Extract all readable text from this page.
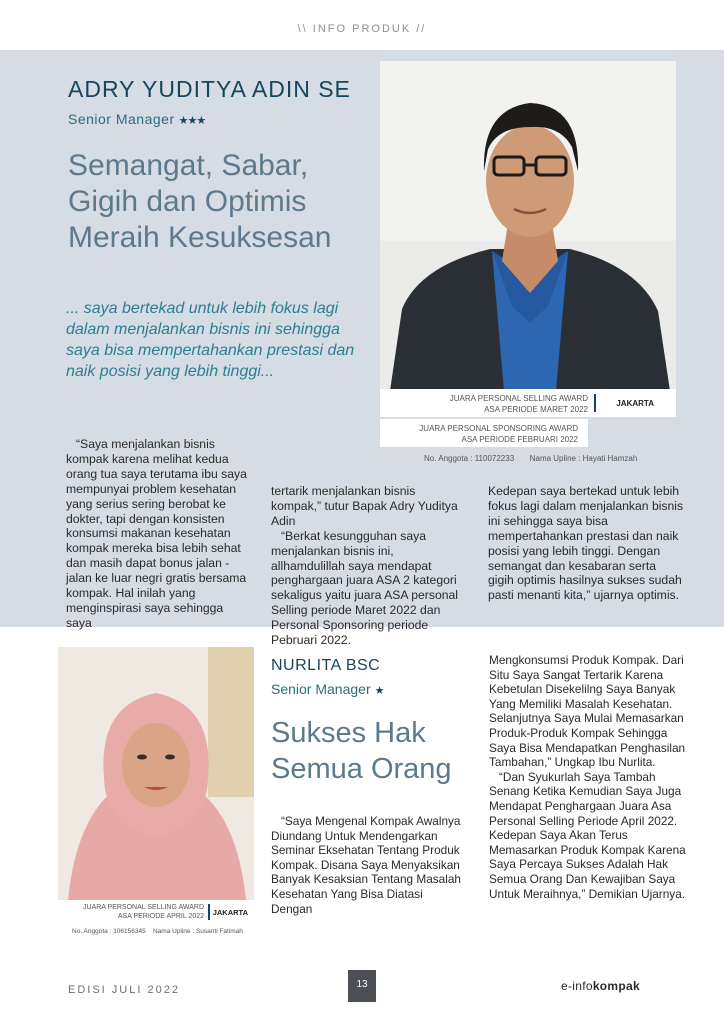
\\ INFO PRODUK //
ADRY YUDITYA ADIN SE
Senior Manager ★★★
Semangat, Sabar, Gigih dan Optimis Meraih Kesuksesan
... saya bertekad untuk lebih fokus lagi dalam menjalankan bisnis ini sehingga saya bisa mempertahankan prestasi dan naik posisi yang lebih tinggi...
JUARA PERSONAL SELLING AWARD
ASA PERIODE MARET 2022
JAKARTA
JUARA PERSONAL SPONSORING AWARD
ASA PERIODE FEBRUARI 2022
No. Anggota : 110072233 Nama Upline : Hayati Hamzah

“Saya menjalankan bisnis kompak karena melihat kedua orang tua saya terutama ibu saya mempunyai problem kesehatan yang serius sering berobat ke dokter, tapi dengan konsisten konsumsi makanan kesehatan kompak mereka bisa lebih sehat dan masih dapat bonus jalan -jalan ke luar negri gratis bersama kompak. Hal inilah yang menginspirasi saya sehingga saya

tertarik menjalankan bisnis kompak,” tutur Bapak Adry Yuditya Adin

“Berkat kesungguhan saya menjalankan bisnis ini, allhamdulillah saya mendapat penghargaan juara ASA 2 kategori sekaligus yaitu juara ASA personal Selling periode Maret 2022 dan Personal Sponsoring periode Pebruari 2022.

Kedepan saya bertekad untuk lebih fokus lagi dalam menjalankan bisnis ini sehingga saya bisa mempertahankan prestasi dan naik posisi yang lebih tinggi. Dengan semangat dan kesabaran serta gigih optimis hasilnya sukses sudah pasti menanti kita,” ujarnya optimis.

JUARA PERSONAL SELLING AWARD
ASA PERIODE APRIL 2022 JAKARTA
No. Anggota : 106156345 Nama Upline : Susanti Fatimah
NURLITA BSC
Senior Manager ★
Sukses Hak Semua Orang

“Saya Mengenal Kompak Awalnya Diundang Untuk Mendengarkan Seminar Eksehatan Tentang Produk Kompak. Disana Saya Menyaksikan Banyak Kesaksian Tentang Masalah Kesehatan Yang Bisa Diatasi Dengan

Mengkonsumsi Produk Kompak. Dari Situ Saya Sangat Tertarik Karena Kebetulan Disekelilng Saya Banyak Yang Memiliki Masalah Kesehatan. Selanjutnya Saya Mulai Memasarkan Produk-Produk Kompak Sehingga Saya Bisa Mendapatkan Penghasilan Tambahan,” Ungkap Ibu Nurlita.

“Dan Syukurlah Saya Tambah Senang Ketika Kemudian Saya Juga Mendapat Penghargaan Juara Asa Personal Selling Periode April 2022. Kedepan Saya Akan Terus Memasarkan Produk Kompak Karena Saya Percaya Sukses Adalah Hak Semua Orang Dan Kewajiban Saya Untuk Meraihnya,” Demikian Ujarnya.

EDISI JULI 2022	13	e-infokompak
